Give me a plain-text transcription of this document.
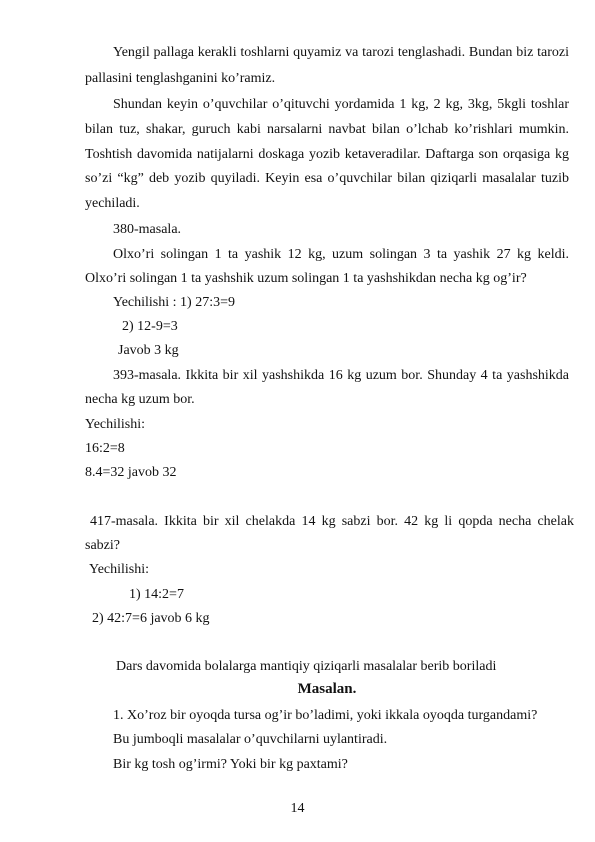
Yengil pallaga kerakli toshlarni quyamiz va tarozi tenglashadi. Bundan biz tarozi
pallasini tenglashganini ko’ramiz.
Shundan keyin o’quvchilar o’qituvchi yordamida 1 kg, 2 kg, 3kg, 5kgli toshlar
bilan tuz, shakar, guruch kabi narsalarni navbat bilan o’lchab ko’rishlari mumkin.
Toshtish davomida natijalarni doskaga yozib ketaveradilar. Daftarga son orqasiga kg
so’zi “kg” deb yozib quyiladi. Keyin esa o’quvchilar bilan qiziqarli masalalar tuzib
yechiladi.
380-masala.
Olxo’ri solingan 1 ta yashik 12 kg, uzum solingan 3 ta yashik 27 kg keldi.
Olxo’ri solingan 1 ta yashshik uzum solingan 1 ta yashshikdan necha kg og’ir?
Yechilishi : 1) 27:3=9
2) 12-9=3
Javob 3 kg
393-masala. Ikkita bir xil yashshikda 16 kg uzum bor. Shunday 4 ta yashshikda
necha kg uzum bor.
Yechilishi:
16:2=8
8.4=32 javob 32
417-masala. Ikkita bir xil chelakda 14 kg sabzi bor. 42 kg li qopda necha chelak
sabzi?
Yechilishi:
1) 14:2=7
2) 42:7=6 javob 6 kg
Dars davomida bolalarga mantiqiy qiziqarli masalalar berib boriladi
Masalan.
1. Xo’roz bir oyoqda tursa og’ir bo’ladimi, yoki ikkala oyoqda turgandami?
Bu jumboqli masalalar o’quvchilarni uylantiradi.
Bir kg tosh og’irmi? Yoki bir kg paxtami?
14
